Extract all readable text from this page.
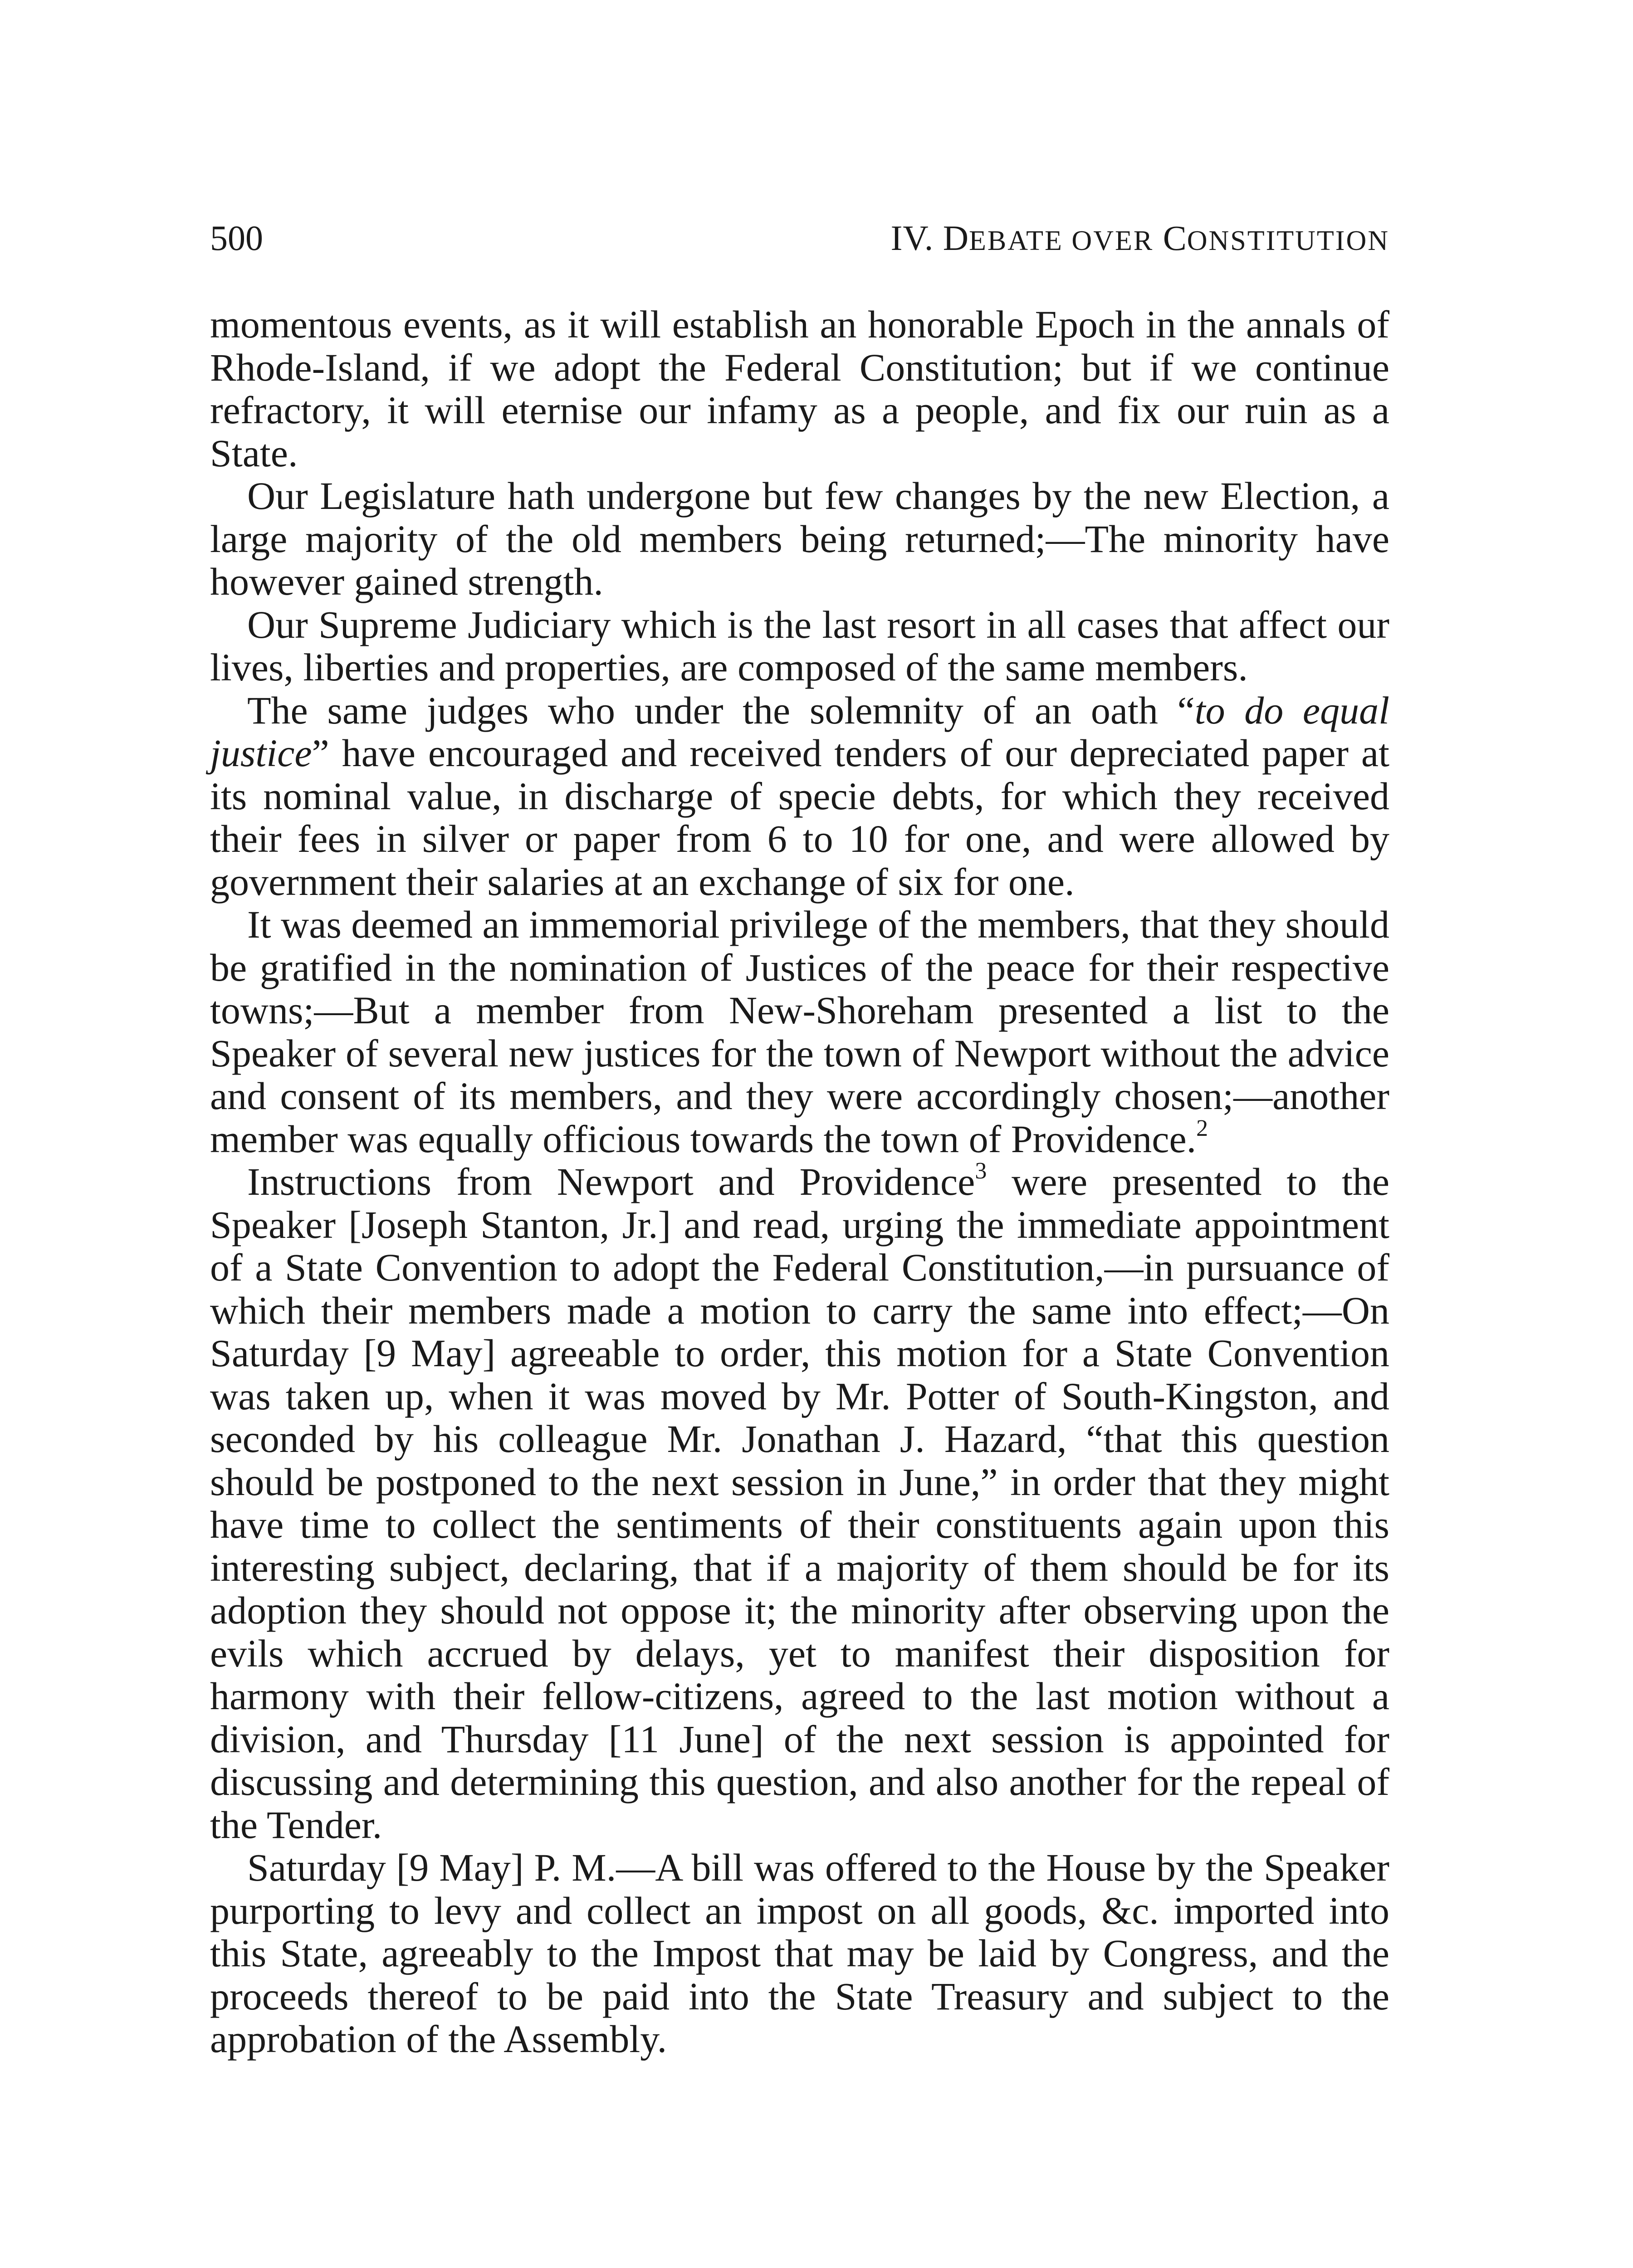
500	IV. DEBATE OVER CONSTITUTION

momentous events, as it will establish an honorable Epoch in the annals of Rhode-Island, if we adopt the Federal Constitution; but if we continue refractory, it will eternise our infamy as a people, and fix our ruin as a State.

Our Legislature hath undergone but few changes by the new Election, a large majority of the old members being returned;—The minority have however gained strength.

Our Supreme Judiciary which is the last resort in all cases that affect our lives, liberties and properties, are composed of the same members.

The same judges who under the solemnity of an oath “to do equal justice” have encouraged and received tenders of our depreciated paper at its nominal value, in discharge of specie debts, for which they received their fees in silver or paper from 6 to 10 for one, and were allowed by government their salaries at an exchange of six for one.

It was deemed an immemorial privilege of the members, that they should be gratified in the nomination of Justices of the peace for their respective towns;—But a member from New-Shoreham presented a list to the Speaker of several new justices for the town of Newport without the advice and consent of its members, and they were accordingly chosen;—another member was equally officious towards the town of Providence.$^2$

Instructions from Newport and Providence$^3$ were presented to the Speaker [Joseph Stanton, Jr.] and read, urging the immediate appointment of a State Convention to adopt the Federal Constitution,—in pursuance of which their members made a motion to carry the same into effect;—On Saturday [9 May] agreeable to order, this motion for a State Convention was taken up, when it was moved by Mr. Potter of South-Kingston, and seconded by his colleague Mr. Jonathan J. Hazard, “that this question should be postponed to the next session in June,” in order that they might have time to collect the sentiments of their constituents again upon this interesting subject, declaring, that if a majority of them should be for its adoption they should not oppose it; the minority after observing upon the evils which accrued by delays, yet to manifest their disposition for harmony with their fellow-citizens, agreed to the last motion without a division, and Thursday [11 June] of the next session is appointed for discussing and determining this question, and also another for the repeal of the Tender.

Saturday [9 May] P. M.—A bill was offered to the House by the Speaker purporting to levy and collect an impost on all goods, &c. imported into this State, agreeably to the Impost that may be laid by Congress, and the proceeds thereof to be paid into the State Treasury and subject to the approbation of the Assembly.
